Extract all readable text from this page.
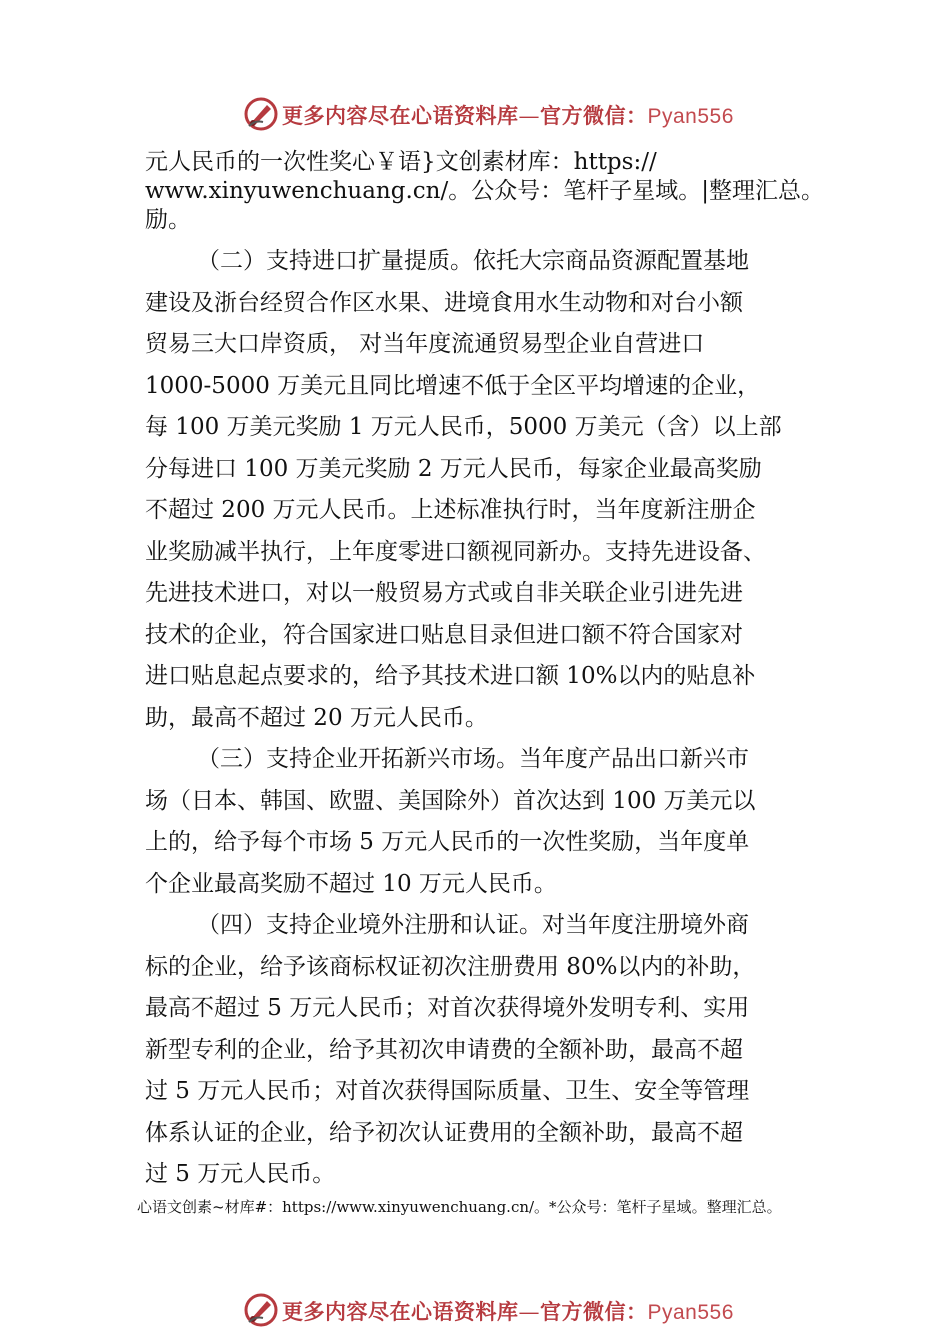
更多内容尽在心语资料库—官方微信：Pyan556
元人民币的一次性奖心￥语}文创素材库：https://
www.xinyuwenchuang.cn/。公众号：笔杆子星域。|整理汇总。
励。
（二）支持进口扩量提质。依托大宗商品资源配置基地
建设及浙台经贸合作区水果、进境食用水生动物和对台小额
贸易三大口岸资质， 对当年度流通贸易型企业自营进口
1000-5000 万美元且同比增速不低于全区平均增速的企业，
每 100 万美元奖励 1 万元人民币，5000 万美元（含）以上部
分每进口 100 万美元奖励 2 万元人民币，每家企业最高奖励
不超过 200 万元人民币。上述标准执行时，当年度新注册企
业奖励减半执行，上年度零进口额视同新办。支持先进设备、
先进技术进口，对以一般贸易方式或自非关联企业引进先进
技术的企业，符合国家进口贴息目录但进口额不符合国家对
进口贴息起点要求的，给予其技术进口额 10%以内的贴息补
助，最高不超过 20 万元人民币。
（三）支持企业开拓新兴市场。当年度产品出口新兴市
场（日本、韩国、欧盟、美国除外）首次达到 100 万美元以
上的，给予每个市场 5 万元人民币的一次性奖励，当年度单
个企业最高奖励不超过 10 万元人民币。
（四）支持企业境外注册和认证。对当年度注册境外商
标的企业，给予该商标权证初次注册费用 80%以内的补助，
最高不超过 5 万元人民币；对首次获得境外发明专利、实用
新型专利的企业，给予其初次申请费的全额补助，最高不超
过 5 万元人民币；对首次获得国际质量、卫生、安全等管理
体系认证的企业，给予初次认证费用的全额补助，最高不超
过 5 万元人民币。
心语文创素~材库#：https://www.xinyuwenchuang.cn/。*公众号：笔杆子星域。整理汇总。
更多内容尽在心语资料库—官方微信：Pyan556
